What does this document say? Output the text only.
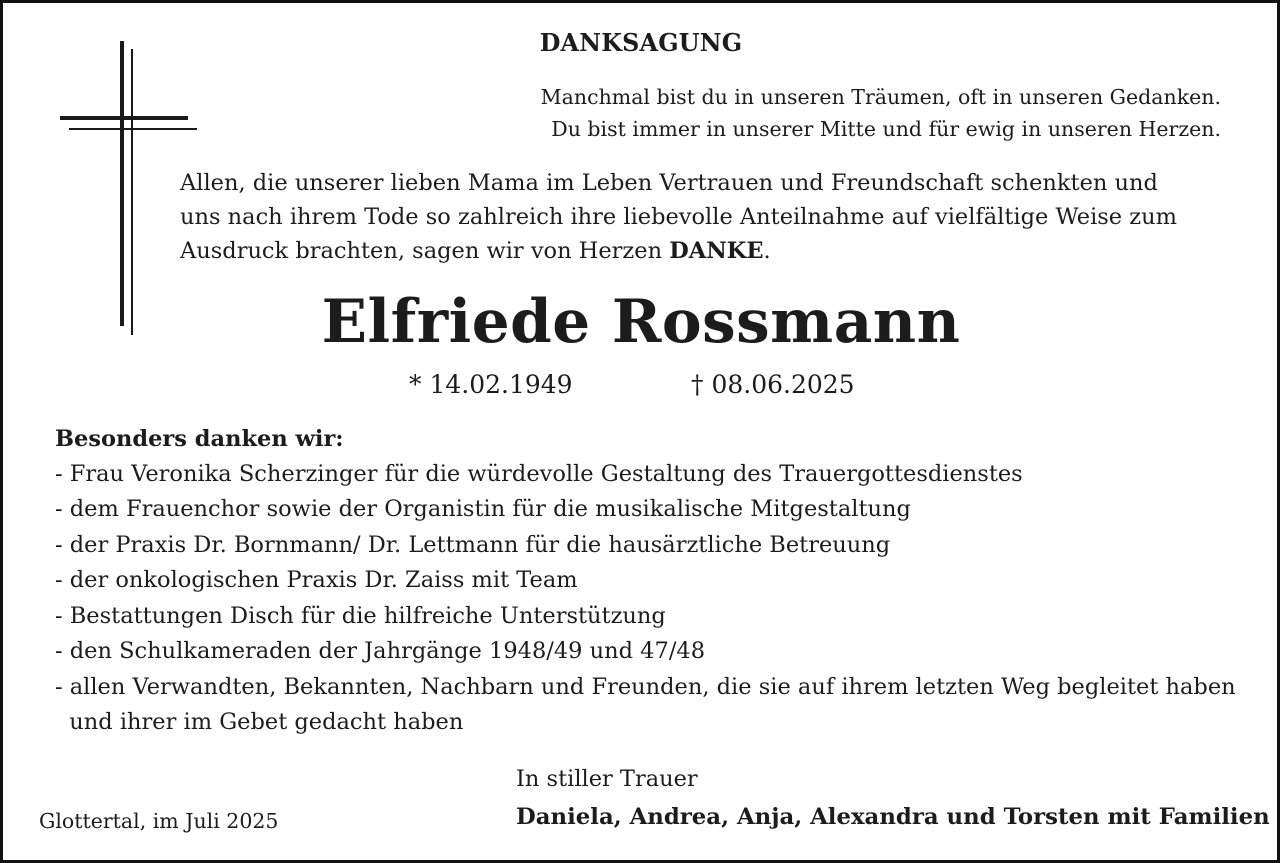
DANKSAGUNG
Manchmal bist du in unseren Träumen, oft in unseren Gedanken.
Du bist immer in unserer Mitte und für ewig in unseren Herzen.
Allen, die unserer lieben Mama im Leben Vertrauen und Freundschaft schenkten und
uns nach ihrem Tode so zahlreich ihre liebevolle Anteilnahme auf vielfältige Weise zum
Ausdruck brachten, sagen wir von Herzen DANKE.
Elfriede Rossmann
* 14.02.1949	† 08.06.2025
Besonders danken wir:
- Frau Veronika Scherzinger für die würdevolle Gestaltung des Trauergottesdienstes
- dem Frauenchor sowie der Organistin für die musikalische Mitgestaltung
- der Praxis Dr. Bornmann/ Dr. Lettmann für die hausärztliche Betreuung
- der onkologischen Praxis Dr. Zaiss mit Team
- Bestattungen Disch für die hilfreiche Unterstützung
- den Schulkameraden der Jahrgänge 1948/49 und 47/48
- allen Verwandten, Bekannten, Nachbarn und Freunden, die sie auf ihrem letzten Weg begleitet haben
und ihrer im Gebet gedacht haben
In stiller Trauer
Glottertal, im Juli 2025	Daniela, Andrea, Anja, Alexandra und Torsten mit Familien
